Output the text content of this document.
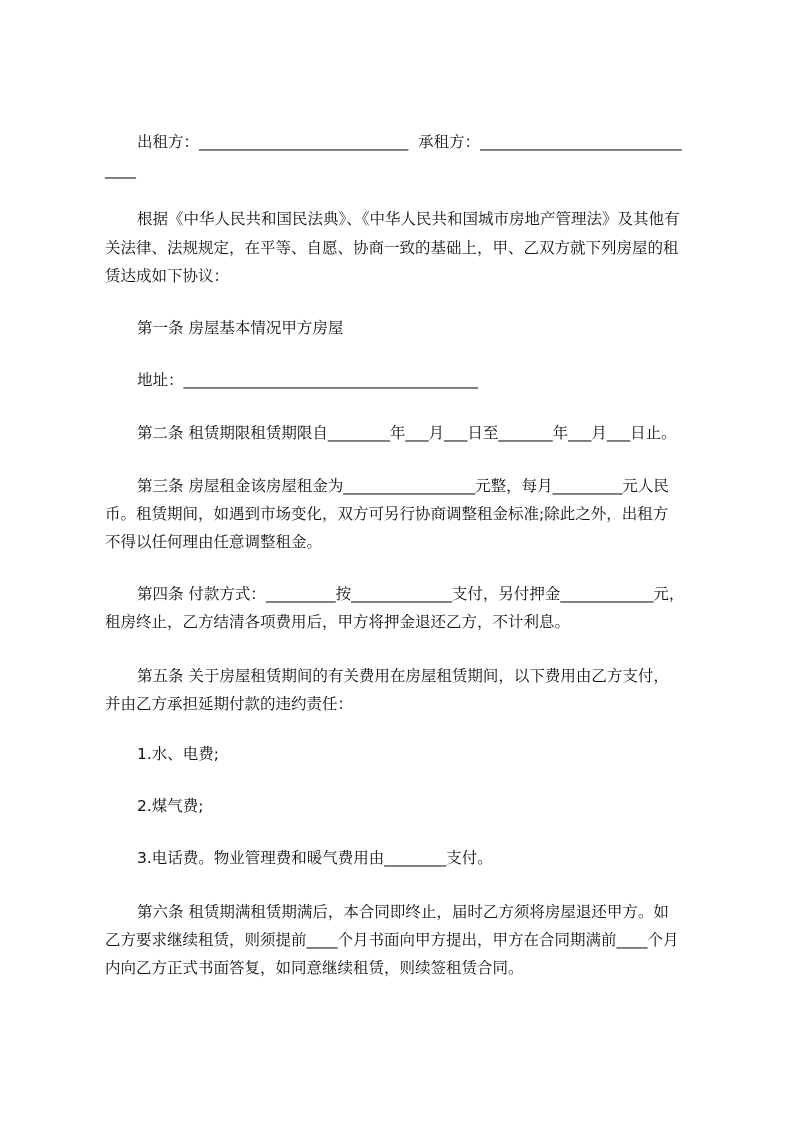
出租方：___________________________  承租方：__________________________
____
根据《中华人民共和国民法典》、《中华人民共和国城市房地产管理法》及其他有
关法律、法规规定，在平等、自愿、协商一致的基础上，甲、乙双方就下列房屋的租
赁达成如下协议：
第一条 房屋基本情况甲方房屋
地址：______________________________________
第二条 租赁期限租赁期限自________年___月___日至_______年___月___日止。
第三条 房屋租金该房屋租金为_________________元整，每月_________元人民
币。租赁期间，如遇到市场变化，双方可另行协商调整租金标准;除此之外，出租方
不得以任何理由任意调整租金。
第四条 付款方式：_________按_____________支付，另付押金____________元，
租房终止，乙方结清各项费用后，甲方将押金退还乙方，不计利息。
第五条 关于房屋租赁期间的有关费用在房屋租赁期间，以下费用由乙方支付，
并由乙方承担延期付款的违约责任：
1.水、电费;
2.煤气费;
3.电话费。物业管理费和暖气费用由________支付。
第六条 租赁期满租赁期满后，本合同即终止，届时乙方须将房屋退还甲方。如
乙方要求继续租赁，则须提前____个月书面向甲方提出，甲方在合同期满前____个月
内向乙方正式书面答复，如同意继续租赁，则续签租赁合同。
